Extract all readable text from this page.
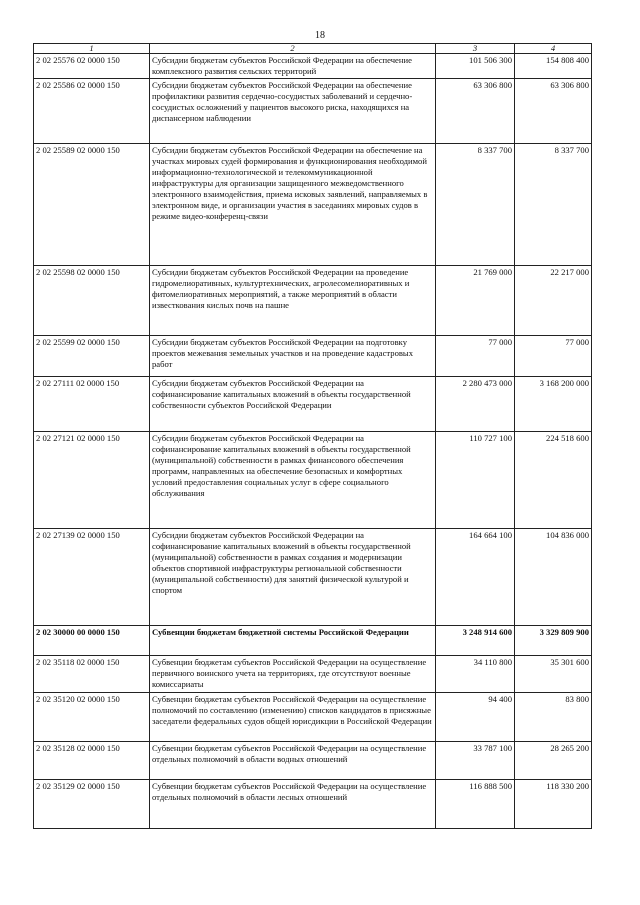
18
1	2	3	4
2 02 25576 02 0000 150	Субсидии бюджетам субъектов Российской Федерации на обеспечение комплексного развития сельских территорий	101 506 300	154 808 400
2 02 25586 02 0000 150	Субсидии бюджетам субъектов Российской Федерации на обеспечение профилактики развития сердечно-сосудистых заболеваний и сердечно-сосудистых осложнений у пациентов высокого риска, находящихся на диспансерном наблюдении	63 306 800	63 306 800
2 02 25589 02 0000 150	Субсидии бюджетам субъектов Российской Федерации на обеспечение на участках мировых судей формирования и функционирования необходимой информационно-технологической и телекоммуникационной инфраструктуры для организации защищенного межведомственного электронного взаимодействия, приема исковых заявлений, направляемых в электронном виде, и организации участия в заседаниях мировых судов в режиме видео-конференц-связи	8 337 700	8 337 700
2 02 25598 02 0000 150	Субсидии бюджетам субъектов Российской Федерации на проведение гидромелиоративных, культуртехнических, агролесомелиоративных и фитомелиоративных мероприятий, а также мероприятий в области известкования кислых почв на пашне	21 769 000	22 217 000
2 02 25599 02 0000 150	Субсидии бюджетам субъектов Российской Федерации на подготовку проектов межевания земельных участков и на проведение кадастровых работ	77 000	77 000
2 02 27111 02 0000 150	Субсидии бюджетам субъектов Российской Федерации на софинансирование капитальных вложений в объекты государственной собственности субъектов Российской Федерации	2 280 473 000	3 168 200 000
2 02 27121 02 0000 150	Субсидии бюджетам субъектов Российской Федерации на софинансирование капитальных вложений в объекты государственной (муниципальной) собственности в рамках финансового обеспечения программ, направленных на обеспечение безопасных и комфортных условий предоставления социальных услуг в сфере социального обслуживания	110 727 100	224 518 600
2 02 27139 02 0000 150	Субсидии бюджетам субъектов Российской Федерации на софинансирование капитальных вложений в объекты государственной (муниципальной) собственности в рамках создания и модернизации объектов спортивной инфраструктуры региональной собственности (муниципальной собственности) для занятий физической культурой и спортом	164 664 100	104 836 000
2 02 30000 00 0000 150	Субвенции бюджетам бюджетной системы Российской Федерации	3 248 914 600	3 329 809 900
2 02 35118 02 0000 150	Субвенции бюджетам субъектов Российской Федерации на осуществление первичного воинского учета на территориях, где отсутствуют военные комиссариаты	34 110 800	35 301 600
2 02 35120 02 0000 150	Субвенции бюджетам субъектов Российской Федерации на осуществление полномочий по составлению (изменению) списков кандидатов в присяжные заседатели федеральных судов общей юрисдикции в Российской Федерации	94 400	83 800
2 02 35128 02 0000 150	Субвенции бюджетам субъектов Российской Федерации на осуществление отдельных полномочий в области водных отношений	33 787 100	28 265 200
2 02 35129 02 0000 150	Субвенции бюджетам субъектов Российской Федерации на осуществление отдельных полномочий в области лесных отношений	116 888 500	118 330 200
